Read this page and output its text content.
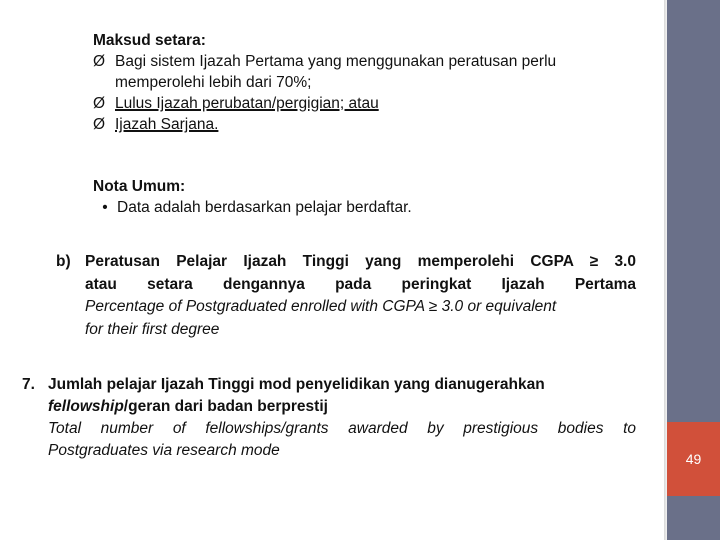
49
Maksud setara:
Ø Bagi sistem Ijazah Pertama yang menggunakan peratusan perlu
memperolehi lebih dari 70%;
Ø Lulus Ijazah perubatan/pergigian; atau
Ø Ijazah Sarjana.
Nota Umum:
• Data adalah berdasarkan pelajar berdaftar.
b) Peratusan Pelajar Ijazah Tinggi yang memperolehi CGPA ≥ 3.0
atau setara dengannya pada peringkat Ijazah Pertama
Percentage of Postgraduated enrolled with CGPA ≥ 3.0 or equivalent
for their first degree
7. Jumlah pelajar Ijazah Tinggi mod penyelidikan yang dianugerahkan
fellowship/geran dari badan berprestij
Total number of fellowships/grants awarded by prestigious bodies to
Postgraduates via research mode
